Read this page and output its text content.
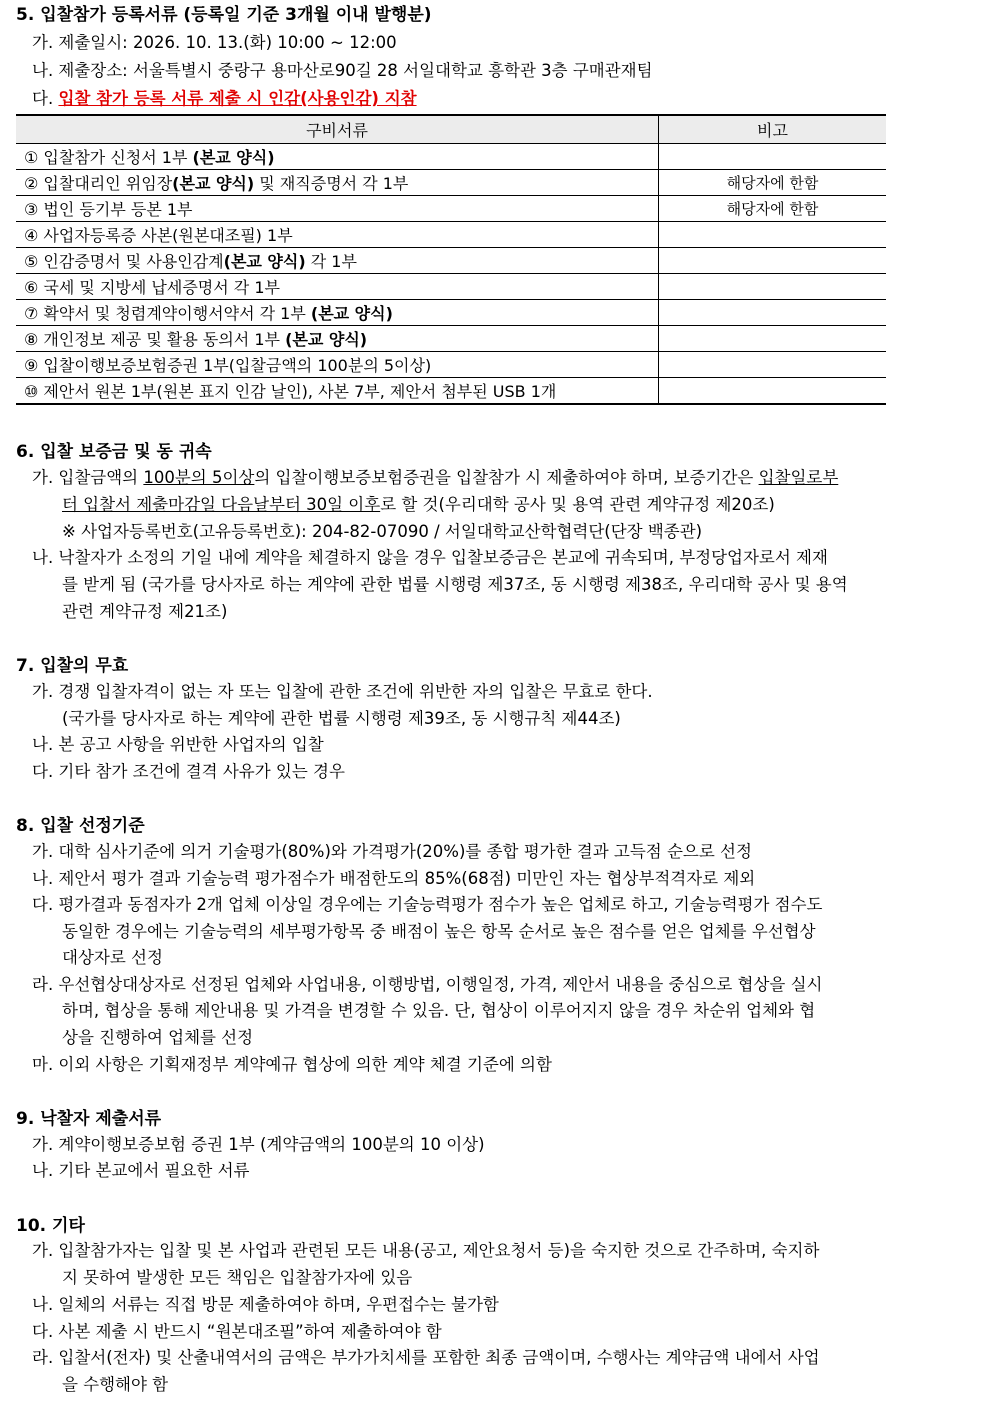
5. 입찰참가 등록서류 (등록일 기준 3개월 이내 발행분)
가. 제출일시: 2026. 10. 13.(화) 10:00 ~ 12:00
나. 제출장소: 서울특별시 중랑구 용마산로90길 28 서일대학교 흥학관 3층 구매관재팀
다. 입찰 참가 등록 서류 제출 시 인감(사용인감) 지참
구비서류	비고
① 입찰참가 신청서 1부 (본교 양식)	
② 입찰대리인 위임장(본교 양식) 및 재직증명서 각 1부	해당자에 한함
③ 법인 등기부 등본 1부	해당자에 한함
④ 사업자등록증 사본(원본대조필) 1부	
⑤ 인감증명서 및 사용인감계(본교 양식) 각 1부	
⑥ 국세 및 지방세 납세증명서 각 1부	
⑦ 확약서 및 청렴계약이행서약서 각 1부 (본교 양식)	
⑧ 개인정보 제공 및 활용 동의서 1부 (본교 양식)	
⑨ 입찰이행보증보험증권 1부(입찰금액의 100분의 5이상)	
⑩ 제안서 원본 1부(원본 표지 인감 날인), 사본 7부, 제안서 첨부된 USB 1개	
6. 입찰 보증금 및 동 귀속
가. 입찰금액의 100분의 5이상의 입찰이행보증보험증권을 입찰참가 시 제출하여야 하며, 보증기간은 입찰일로부
터 입찰서 제출마감일 다음날부터 30일 이후로 할 것(우리대학 공사 및 용역 관련 계약규정 제20조)
※ 사업자등록번호(고유등록번호): 204-82-07090 / 서일대학교산학협력단(단장 백종관)
나. 낙찰자가 소정의 기일 내에 계약을 체결하지 않을 경우 입찰보증금은 본교에 귀속되며, 부정당업자로서 제재
를 받게 됨 (국가를 당사자로 하는 계약에 관한 법률 시행령 제37조, 동 시행령 제38조, 우리대학 공사 및 용역
관련 계약규정 제21조)
7. 입찰의 무효
가. 경쟁 입찰자격이 없는 자 또는 입찰에 관한 조건에 위반한 자의 입찰은 무효로 한다.
(국가를 당사자로 하는 계약에 관한 법률 시행령 제39조, 동 시행규칙 제44조)
나. 본 공고 사항을 위반한 사업자의 입찰
다. 기타 참가 조건에 결격 사유가 있는 경우
8. 입찰 선정기준
가. 대학 심사기준에 의거 기술평가(80%)와 가격평가(20%)를 종합 평가한 결과 고득점 순으로 선정
나. 제안서 평가 결과 기술능력 평가점수가 배점한도의 85%(68점) 미만인 자는 협상부적격자로 제외
다. 평가결과 동점자가 2개 업체 이상일 경우에는 기술능력평가 점수가 높은 업체로 하고, 기술능력평가 점수도
동일한 경우에는 기술능력의 세부평가항목 중 배점이 높은 항목 순서로 높은 점수를 얻은 업체를 우선협상
대상자로 선정
라. 우선협상대상자로 선정된 업체와 사업내용, 이행방법, 이행일정, 가격, 제안서 내용을 중심으로 협상을 실시
하며, 협상을 통해 제안내용 및 가격을 변경할 수 있음. 단, 협상이 이루어지지 않을 경우 차순위 업체와 협
상을 진행하여 업체를 선정
마. 이외 사항은 기획재정부 계약예규 협상에 의한 계약 체결 기준에 의함
9. 낙찰자 제출서류
가. 계약이행보증보험 증권 1부 (계약금액의 100분의 10 이상)
나. 기타 본교에서 필요한 서류
10. 기타
가. 입찰참가자는 입찰 및 본 사업과 관련된 모든 내용(공고, 제안요청서 등)을 숙지한 것으로 간주하며, 숙지하
지 못하여 발생한 모든 책임은 입찰참가자에 있음
나. 일체의 서류는 직접 방문 제출하여야 하며, 우편접수는 불가함
다. 사본 제출 시 반드시 “원본대조필”하여 제출하여야 함
라. 입찰서(전자) 및 산출내역서의 금액은 부가가치세를 포함한 최종 금액이며, 수행사는 계약금액 내에서 사업
을 수행해야 함
